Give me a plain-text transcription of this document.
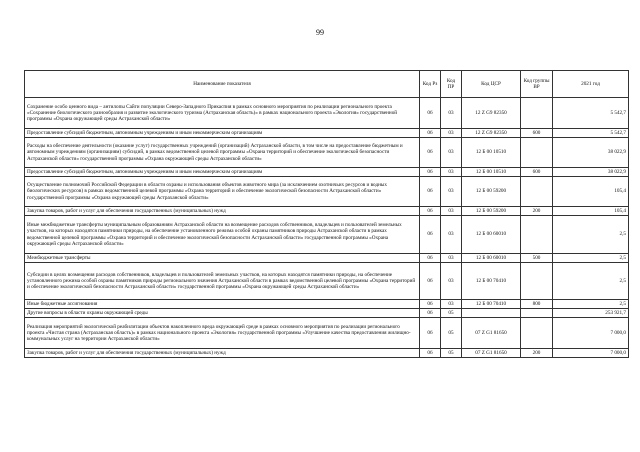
99
Наименование показателя	Код Рз	Код ПР	Код ЦСР	Код группы ВР	2021 год
Сохранение особо ценного вида – антилопы Сайги популяции Северо-Западного Прикаспия в рамках основного мероприятия по реализации регионального проекта «Сохранение биологического разнообразия и развитие экологического туризма (Астраханская область)» в рамках национального проекта «Экология» государственной программы «Охрана окружающей среды Астраханской области»	06	03	12 Z G9 82350		5 542,7
Предоставление субсидий бюджетным, автономным учреждениям и иным некоммерческим организациям	06	03	12 Z G9 82350	600	5 542,7
Расходы на обеспечение деятельности (оказание услуг) государственных учреждений (организаций) Астраханской области, в том числе на предоставление бюджетным и автономным учреждениям (организациям) субсидий, в рамках ведомственной целевой программы «Охрана территорий и обеспечение экологической безопасности Астраханской области» государственной программы «Охрана окружающей среды Астраханской области»	06	03	12 Б 00 10510		38 022,9
Предоставление субсидий бюджетным, автономным учреждениям и иным некоммерческим организациям	06	03	12 Б 00 10510	600	38 022,9
Осуществление полномочий Российской Федерации в области охраны и использования объектов животного мира (за исключением охотничьих ресурсов и водных биологических ресурсов) в рамках ведомственной целевой программы «Охрана территорий и обеспечение экологической безопасности Астраханской области» государственной программы «Охрана окружающей среды Астраханской области»	06	03	12 Б 00 59200		105,4
Закупка товаров, работ и услуг для обеспечения государственных (муниципальных) нужд	06	03	12 Б 00 59200	200	105,4
Иные межбюджетные трансферты муниципальным образованиям Астраханской области на возмещение расходов собственников, владельцев и пользователей земельных участков, на которых находятся памятники природы, на обеспечение установленного режима особой охраны памятников природы Астраханской области в рамках ведомственной целевой программы «Охрана территорий и обеспечение экологической безопасности Астраханской области» государственной программы «Охрана окружающей среды Астраханской области»	06	03	12 Б 00 60010		2,5
Межбюджетные трансферты	06	03	12 Б 00 60010	500	2,5
Субсидии в целях возмещения расходов собственников, владельцев и пользователей земельных участков, на которых находятся памятники природы, на обеспечение установленного режима особой охраны памятников природы регионального значения Астраханской области в рамках ведомственной целевой программы «Охрана территорий и обеспечение экологической безопасности Астраханской области» государственной программы «Охрана окружающей среды Астраханской области»	06	03	12 Б 00 70410		2,5
Иные бюджетные ассигнования	06	03	12 Б 00 70410	800	2,5
Другие вопросы в области охраны окружающей среды	06	05			253 921,7
Реализация мероприятий экологической реабилитации объектов накопленного вреда окружающей среде в рамках основного мероприятия по реализации регионального проекта «Чистая страна (Астраханская область)» в рамках национального проекта «Экология» государственной программы «Улучшение качества предоставления жилищно-коммунальных услуг на территории Астраханской области»	06	05	07 Z G1 81650		7 000,0
Закупка товаров, работ и услуг для обеспечения государственных (муниципальных) нужд	06	05	07 Z G1 81650	200	7 000,0
